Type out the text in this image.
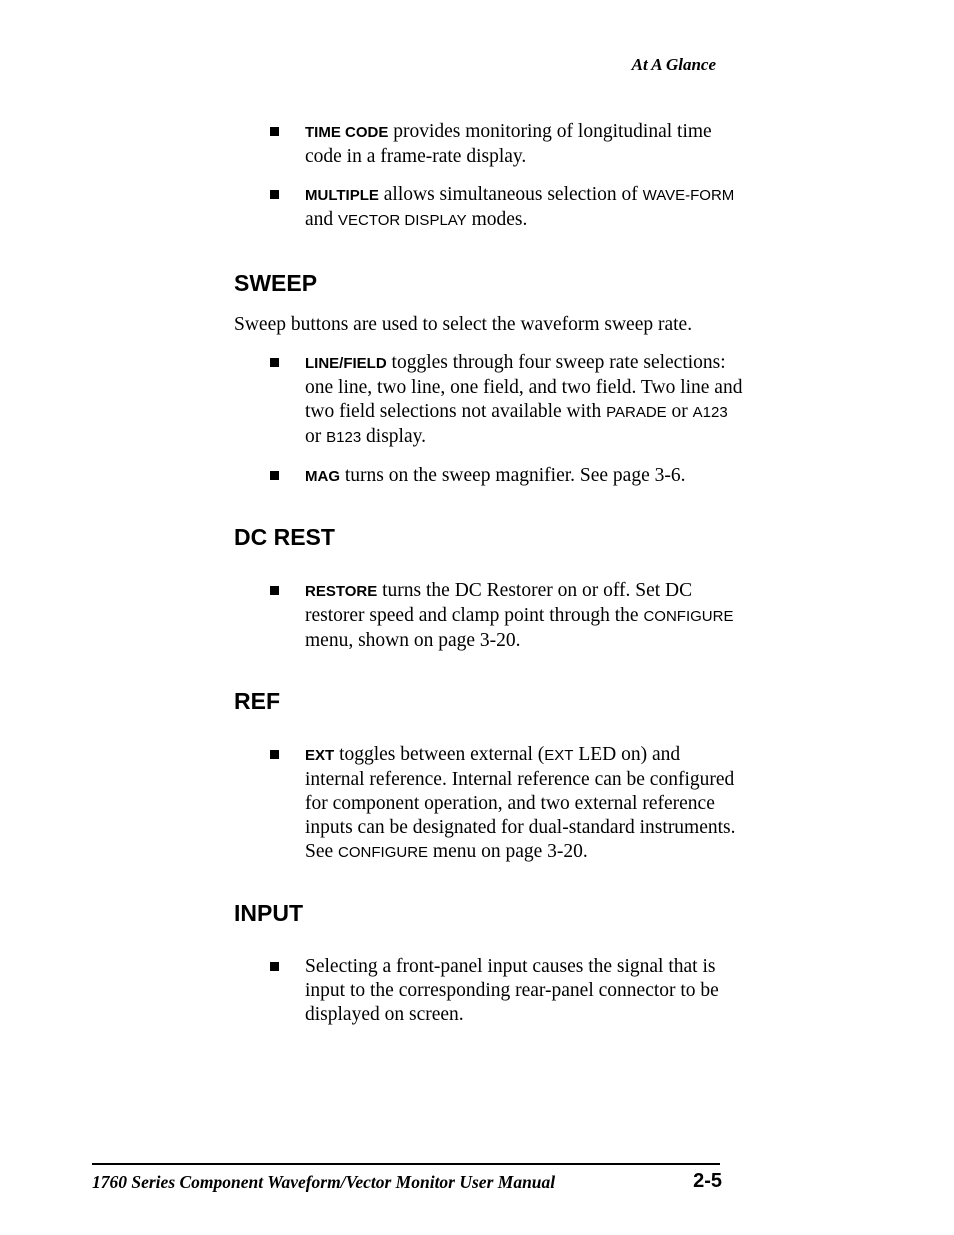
At A Glance
TIME CODE provides monitoring of longitudinal time code in a frame-rate display.
MULTIPLE allows simultaneous selection of WAVE-FORM and VECTOR DISPLAY modes.
SWEEP
Sweep buttons are used to select the waveform sweep rate.
LINE/FIELD toggles through four sweep rate selections: one line, two line, one field, and two field. Two line and two field selections not available with PARADE or A123 or B123 display.
MAG turns on the sweep magnifier. See page 3-6.
DC REST
RESTORE turns the DC Restorer on or off. Set DC restorer speed and clamp point through the CONFIGURE menu, shown on page 3-20.
REF
EXT toggles between external (EXT LED on) and internal reference. Internal reference can be configured for component operation, and two external reference inputs can be designated for dual-standard instruments. See CONFIGURE menu on page 3-20.
INPUT
Selecting a front-panel input causes the signal that is input to the corresponding rear-panel connector to be displayed on screen.
1760 Series Component Waveform/Vector Monitor User Manual	2-5
